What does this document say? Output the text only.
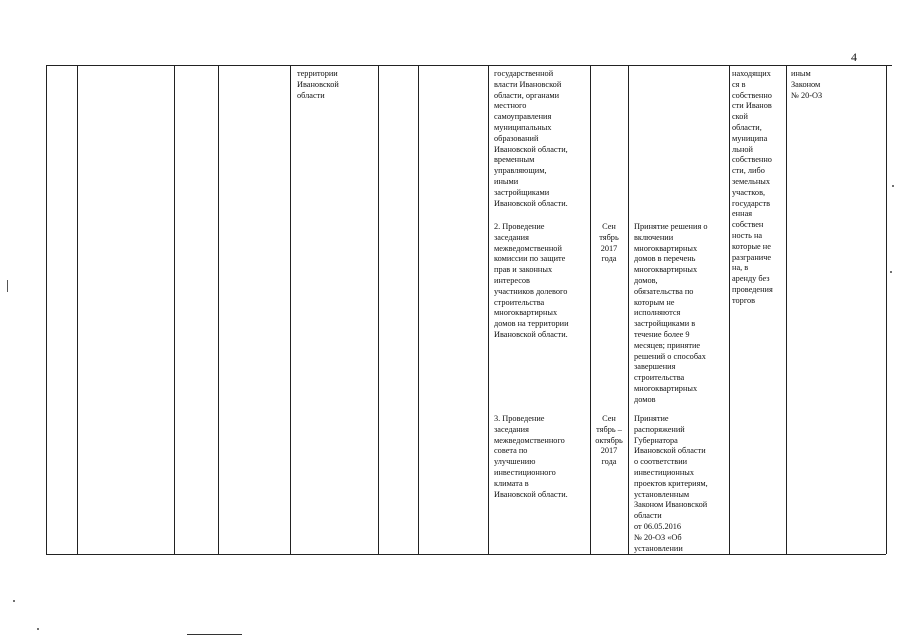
4
территории
Ивановской
области
государственной
власти Ивановской
области, органами
местного
самоуправления
муниципальных
образований
Ивановской области,
временным
управляющим,
иными
застройщиками
Ивановской области.
2. Проведение
заседания
межведомственной
комиссии по защите
прав и законных
интересов
участников долевого
строительства
многоквартирных
домов на территории
Ивановской области.
Сен
тябрь
2017
года
Принятие решения о
включении
многоквартирных
домов в перечень
многоквартирных
домов,
обязательства по
которым не
исполняются
застройщиками в
течение более 9
месяцев; принятие
решений о способах
завершения
строительства
многоквартирных
домов
3. Проведение
заседания
межведомственного
совета по
улучшению
инвестиционного
климата в
Ивановской области.
Сен
тябрь –
октябрь
2017
года
Принятие
распоряжений
Губернатора
Ивановской области
о соответствии
инвестиционных
проектов критериям,
установленным
Законом Ивановской
области
от 06.05.2016
№ 20-ОЗ «Об
установлении
находящих
ся в
собственно
сти Иванов
ской
области,
муниципа
льной
собственно
сти, либо
земельных
участков,
государств
енная
собствен
ность на
которые не
разграниче
на, в
аренду без
проведения
торгов
иным
Законом
№ 20-ОЗ
